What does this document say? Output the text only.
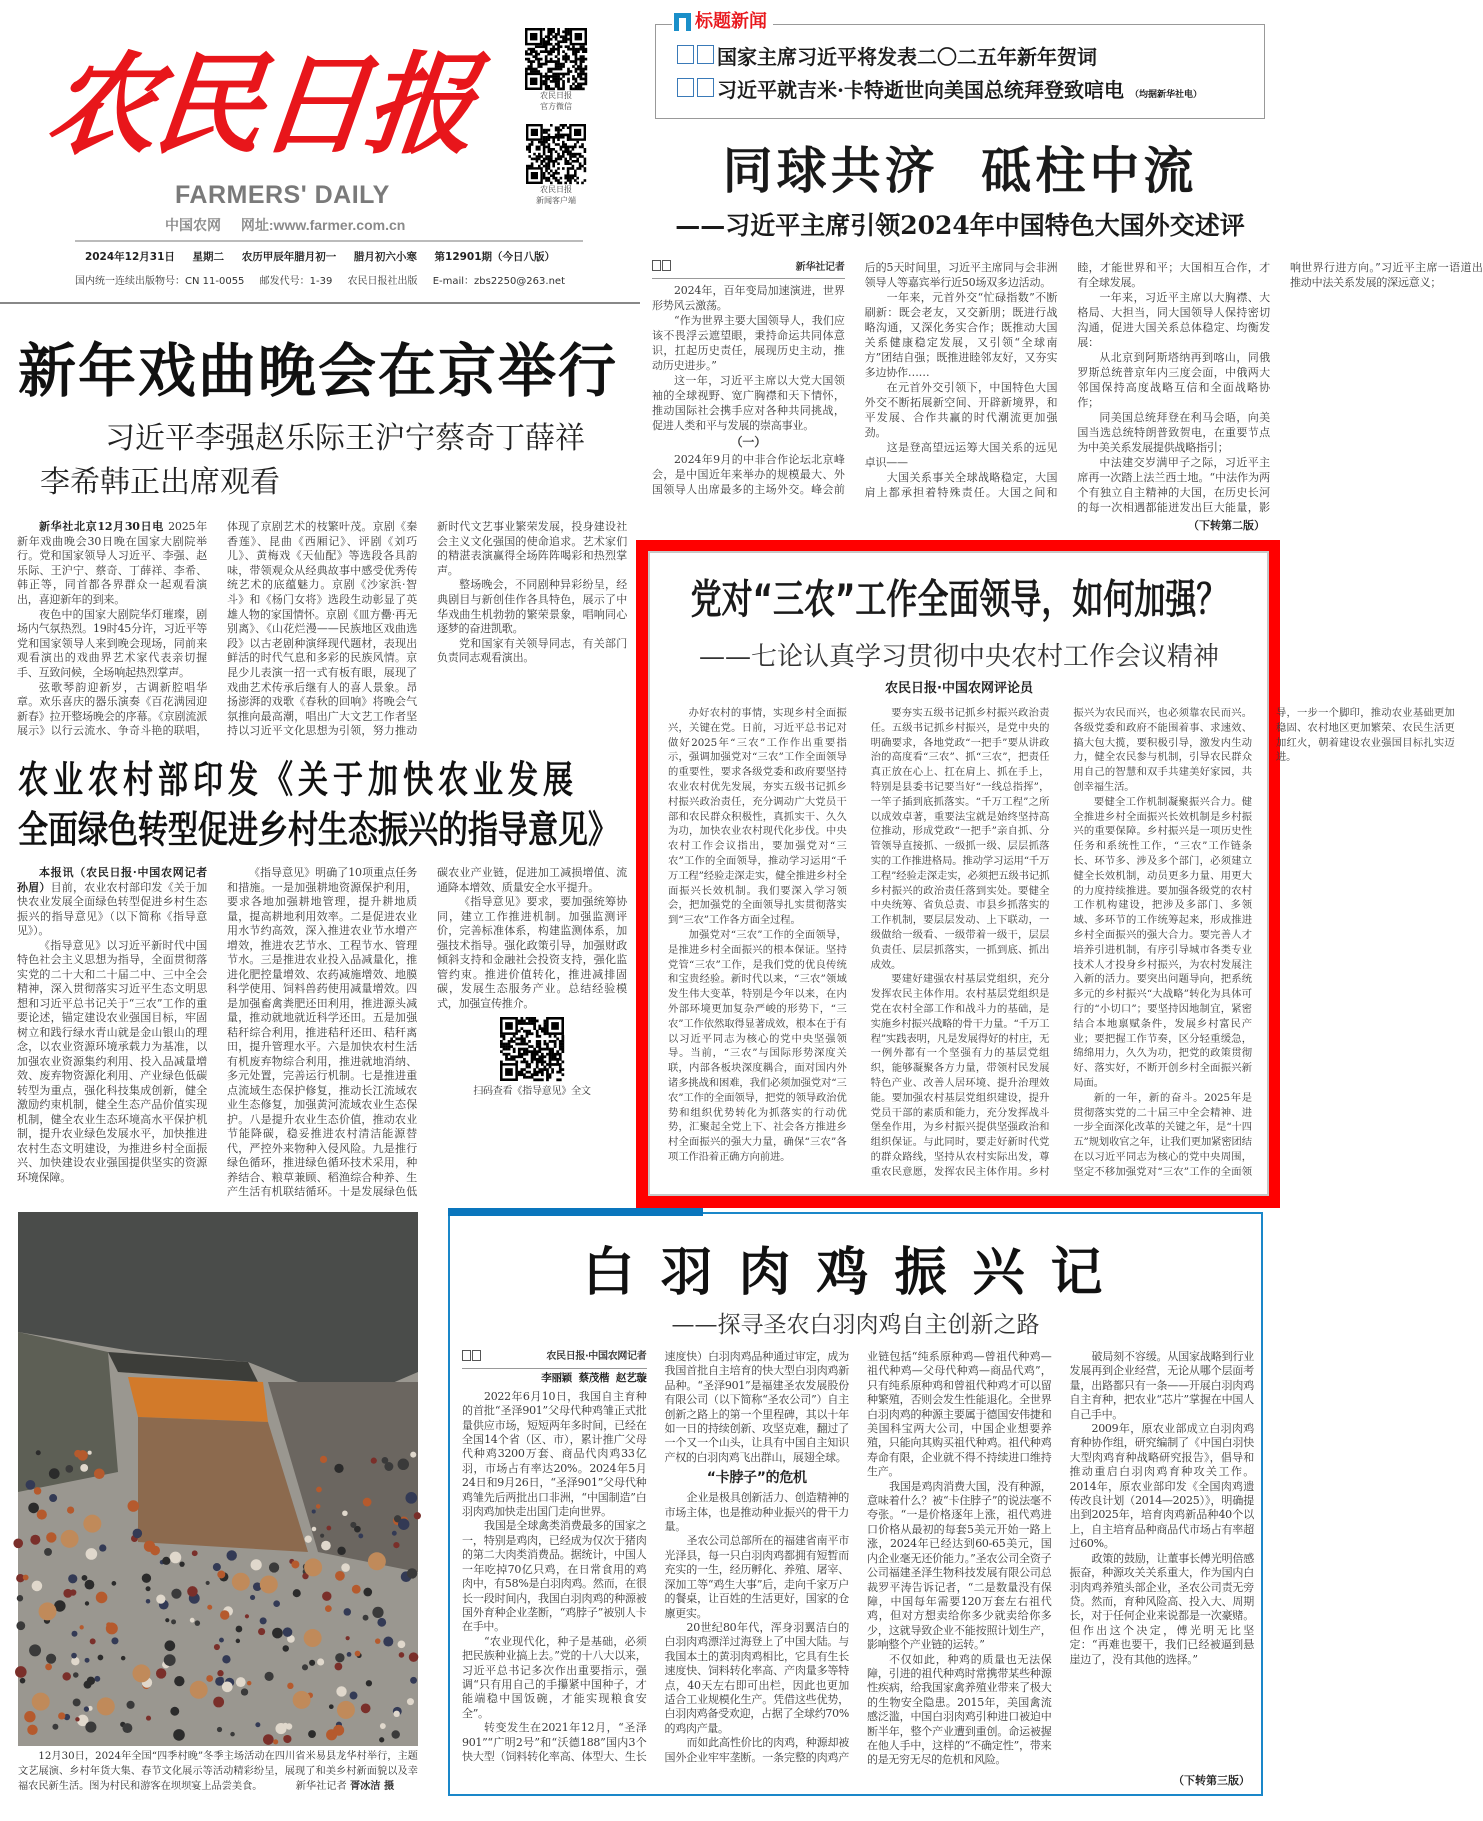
农民日报
FARMERS' DAILY
中国农网 网址:www.farmer.com.cn
农民日报
官方微信
农民日报
新闻客户端
2024年12月31日 星期二 农历甲辰年腊月初一 腊月初六小寒 第12901期（今日八版）
国内统一连续出版物号：CN 11-0055 邮发代号：1-39 农民日报社出版 E-mail：zbs2250@263.net
标题新闻
国家主席习近平将发表二〇二五年新年贺词
习近平就吉米·卡特逝世向美国总统拜登致唁电 （均据新华社电）
同球共济  砥柱中流
——习近平主席引领2024年中国特色大国外交述评
新华社记者

2024年，百年变局加速演进，世界形势风云激荡。

“作为世界主要大国领导人，我们应该不畏浮云遮望眼，秉持命运共同体意识，扛起历史责任，展现历史主动，推动历史进步。”

这一年，习近平主席以大党大国领袖的全球视野、宽广胸襟和天下情怀，推动国际社会携手应对各种共同挑战，促进人类和平与发展的崇高事业。

（一）

2024年9月的中非合作论坛北京峰会，是中国近年来举办的规模最大、外国领导人出席最多的主场外交。峰会前后的5天时间里，习近平主席同与会非洲领导人等嘉宾举行近50场双多边活动。

一年来，元首外交“忙碌指数”不断刷新：既会老友，又交新朋；既进行战略沟通，又深化务实合作；既推动大国关系健康稳定发展，又引领“全球南方”团结自强；既推进睦邻友好，又夯实多边协作……

在元首外交引领下，中国特色大国外交不断拓展新空间、开辟新境界，和平发展、合作共赢的时代潮流更加强劲。

这是登高望远运筹大国关系的远见卓识——

大国关系事关全球战略稳定，大国肩上都承担着特殊责任。大国之间和睦，才能世界和平；大国相互合作，才有全球发展。

一年来，习近平主席以大胸襟、大格局、大担当，同大国领导人保持密切沟通，促进大国关系总体稳定、均衡发展：

从北京到阿斯塔纳再到喀山，同俄罗斯总统普京年内三度会面，中俄两大邻国保持高度战略互信和全面战略协作；

同美国总统拜登在利马会晤，向美国当选总统特朗普致贺电，在重要节点为中美关系发展提供战略指引；

中法建交岁满甲子之际，习近平主席再一次踏上法兰西土地。“中法作为两个有独立自主精神的大国，在历史长河的每一次相遇都能迸发出巨大能量，影响世界行进方向。”习近平主席一语道出推动中法关系发展的深远意义；

（下转第二版）
新年戏曲晚会在京举行
习近平李强赵乐际王沪宁蔡奇丁薛祥
李希韩正出席观看

新华社北京12月30日电 2025年新年戏曲晚会30日晚在国家大剧院举行。党和国家领导人习近平、李强、赵乐际、王沪宁、蔡奇、丁薛祥、李希、韩正等，同首都各界群众一起观看演出，喜迎新年的到来。

夜色中的国家大剧院华灯璀璨，剧场内气氛热烈。19时45分许，习近平等党和国家领导人来到晚会现场，同前来观看演出的戏曲界艺术家代表亲切握手、互致问候，全场响起热烈掌声。

弦歌琴韵迎新岁，古调新腔唱华章。欢乐喜庆的器乐演奏《百花满园迎新春》拉开整场晚会的序幕。《京剧流派展示》以行云流水、争奇斗艳的联唱，体现了京剧艺术的枝繁叶茂。京剧《秦香莲》、昆曲《西厢记》、评剧《刘巧儿》、黄梅戏《天仙配》等选段各具韵味，带领观众从经典故事中感受优秀传统艺术的底蕴魅力。京剧《沙家浜·智斗》和《杨门女将》选段生动彰显了英雄人物的家国情怀。京剧《皿方罍·再无别离》、《山花烂漫——民族地区戏曲选段》以古老剧种演绎现代题材，表现出鲜活的时代气息和多彩的民族风情。京昆少儿表演一招一式有板有眼，展现了戏曲艺术传承后继有人的喜人景象。昂扬澎湃的戏歌《春秋的回响》将晚会气氛推向最高潮，唱出广大文艺工作者坚持以习近平文化思想为引领，努力推动新时代文艺事业繁荣发展，投身建设社会主义文化强国的使命追求。艺术家们的精湛表演赢得全场阵阵喝彩和热烈掌声。

整场晚会，不同剧种异彩纷呈，经典剧目与新创佳作各具特色，展示了中华戏曲生机勃勃的繁荣景象，唱响同心逐梦的奋进凯歌。

党和国家有关领导同志，有关部门负责同志观看演出。

农业农村部印发《关于加快农业发展
全面绿色转型促进乡村生态振兴的指导意见》

本报讯（农民日报·中国农网记者 孙眉）目前，农业农村部印发《关于加快农业发展全面绿色转型促进乡村生态振兴的指导意见》（以下简称《指导意见》）。

《指导意见》以习近平新时代中国特色社会主义思想为指导，全面贯彻落实党的二十大和二十届二中、三中全会精神，深入贯彻落实习近平生态文明思想和习近平总书记关于“三农”工作的重要论述，锚定建设农业强国目标，牢固树立和践行绿水青山就是金山银山的理念，以农业资源环境承载力为基准，以加强农业资源集约利用、投入品减量增效、废弃物资源化利用、产业绿色低碳转型为重点，强化科技集成创新，健全激励约束机制，健全生态产品价值实现机制，健全农业生态环境高水平保护机制，提升农业绿色发展水平，加快推进农村生态文明建设，为推进乡村全面振兴、加快建设农业强国提供坚实的资源环境保障。

《指导意见》明确了10项重点任务和措施。一是加强耕地资源保护利用，要求各地加强耕地管理，提升耕地质量，提高耕地利用效率。二是促进农业用水节约高效，深入推进农业节水增产增效，推进农艺节水、工程节水、管理节水。三是推进农业投入品减量化，推进化肥控量增效、农药减施增效、地膜科学使用、饲料兽药使用减量增效。四是加强畜禽粪肥还田利用，推进源头减量，推动就地就近科学还田。五是加强秸秆综合利用，推进秸秆还田、秸秆离田，提升管理水平。六是加快农村生活有机废弃物综合利用，推进就地消纳、多元处置，完善运行机制。七是推进重点流域生态保护修复，推动长江流域农业生态修复，加强黄河流域农业生态保护。八是提升农业生态价值，推动农业节能降碳，稳妥推进农村清洁能源替代，严控外来物种入侵风险。九是推行绿色循环，推进绿色循环技术采用，种养结合、粮草兼顾、稻渔综合种养、生产生活有机联结循环。十是发展绿色低碳农业产业链，促进加工减损增值、流通降本增效、质量安全水平提升。

《指导意见》要求，要加强统筹协同，建立工作推进机制。加强监测评价，完善标准体系，构建监测体系，加强技术指导。强化政策引导，加强财政倾斜支持和金融社会投资支持，强化监管约束。推进价值转化，推进减排固碳，发展生态服务产业。总结经验模式，加强宣传推介。

扫码查看《指导意见》全文
党对“三农”工作全面领导，如何加强？
——七论认真学习贯彻中央农村工作会议精神
农民日报·中国农网评论员

办好农村的事情，实现乡村全面振兴，关键在党。日前，习近平总书记对做好2025年“三农”工作作出重要指示，强调加强党对“三农”工作全面领导的重要性，要求各级党委和政府要坚持农业农村优先发展，夯实五级书记抓乡村振兴政治责任，充分调动广大党员干部和农民群众积极性，真抓实干、久久为功，加快农业农村现代化步伐。中央农村工作会议指出，要加强党对“三农”工作的全面领导，推动学习运用“千万工程”经验走深走实，健全推进乡村全面振兴长效机制。我们要深入学习领会，把加强党的全面领导扎实贯彻落实到“三农”工作各方面全过程。

加强党对“三农”工作的全面领导，是推进乡村全面振兴的根本保证。坚持党管“三农”工作，是我们党的优良传统和宝贵经验。新时代以来，“三农”领域发生伟大变革，特别是今年以来，在内外部环境更加复杂严峻的形势下，“三农”工作依然取得显著成效，根本在于有以习近平同志为核心的党中央坚强领导。当前，“三农”与国际形势深度关联，内部各板块深度耦合，面对国内外诸多挑战和困难，我们必须加强党对“三农”工作的全面领导，把党的领导政治优势和组织优势转化为抓落实的行动优势，汇聚起全党上下、社会各方推进乡村全面振兴的强大力量，确保“三农”各项工作沿着正确方向前进。

要夯实五级书记抓乡村振兴政治责任。五级书记抓乡村振兴，是党中央的明确要求，各地党政“一把手”要从讲政治的高度看“三农”、抓“三农”，把责任真正放在心上、扛在肩上、抓在手上，特别是县委书记要当好“一线总指挥”，一竿子插到底抓落实。“千万工程”之所以成效卓著，重要法宝就是始终坚持高位推动，形成党政“一把手”亲自抓、分管领导直接抓、一级抓一级、层层抓落实的工作推进格局。推动学习运用“千万工程”经验走深走实，必须把五级书记抓乡村振兴的政治责任落到实处。要健全中央统筹、省负总责、市县乡抓落实的工作机制，要层层发动、上下联动，一级做给一级看、一级带着一级干，层层负责任、层层抓落实，一抓到底、抓出成效。

要建好建强农村基层党组织，充分发挥农民主体作用。农村基层党组织是党在农村全部工作和战斗力的基础，是实施乡村振兴战略的骨干力量。“千万工程”实践表明，凡是发展得好的村庄，无一例外都有一个坚强有力的基层党组织，能够凝聚各方力量，带领村民发展特色产业、改善人居环境、提升治理效能。要加强农村基层党组织建设，提升党员干部的素质和能力，充分发挥战斗堡垒作用，为乡村振兴提供坚强政治和组织保证。与此同时，要走好新时代党的群众路线，坚持从农村实际出发，尊重农民意愿，发挥农民主体作用。乡村振兴为农民而兴，也必须靠农民而兴。各级党委和政府不能围着事、求速效、搞大包大揽，要积极引导，激发内生动力，健全农民参与机制，引导农民群众用自己的智慧和双手共建美好家园，共创幸福生活。

要健全工作机制凝聚振兴合力。健全推进乡村全面振兴长效机制是乡村振兴的重要保障。乡村振兴是一项历史性任务和系统性工作，“三农”工作链条长、环节多、涉及多个部门，必须建立健全长效机制，动员更多力量、用更大的力度持续推进。要加强各级党的农村工作机构建设，把涉及多部门、多领域、多环节的工作统筹起来，形成推进乡村全面振兴的强大合力。要完善人才培养引进机制，有序引导城市各类专业技术人才投身乡村振兴，为农村发展注入新的活力。要突出问题导向，把系统多元的乡村振兴“大战略”转化为具体可行的“小切口”；要坚持因地制宜，紧密结合本地禀赋条件，发展乡村富民产业；要把握工作节奏，区分轻重缓急，绵绵用力，久久为功，把党的政策贯彻好、落实好，不断开创乡村全面振兴新局面。

新的一年，新的奋斗。2025年是贯彻落实党的二十届三中全会精神、进一步全面深化改革的关键之年，是“十四五”规划收官之年，让我们更加紧密团结在以习近平同志为核心的党中央周围，坚定不移加强党对“三农”工作的全面领导，一步一个脚印，推动农业基础更加稳固、农村地区更加繁荣、农民生活更加红火，朝着建设农业强国目标扎实迈进。

12月30日，2024年全国“四季村晚”冬季主场活动在四川省米易县龙华村举行，主题文艺展演、乡村年货大集、春节文化展示等活动精彩纷呈，展现了和美乡村新面貌以及幸福农民新生活。图为村民和游客在坝坝宴上品尝美食。	新华社记者 胥冰洁 摄
白羽肉鸡振兴记
——探寻圣农白羽肉鸡自主创新之路
农民日报·中国农网记者
李丽颖  蔡茂楷  赵艺璇

2022年6月10日，我国自主育种的首批“圣泽901”父母代种鸡雏正式批量供应市场，短短两年多时间，已经在全国14个省（区、市），累计推广父母代种鸡3200万套、商品代肉鸡33亿羽，市场占有率达20%。2024年5月24日和9月26日，“圣泽901”父母代种鸡雏先后两批出口非洲，“中国制造”白羽肉鸡加快走出国门走向世界。

我国是全球禽类消费最多的国家之一，特别是鸡肉，已经成为仅次于猪肉的第二大肉类消费品。据统计，中国人一年吃掉70亿只鸡，在日常食用的鸡肉中，有58%是白羽肉鸡。然而，在很长一段时间内，我国白羽肉鸡的种源被国外育种企业垄断，“鸡脖子”被别人卡在手中。

“农业现代化，种子是基础，必须把民族种业搞上去。”党的十八大以来，习近平总书记多次作出重要指示，强调“只有用自己的手攥紧中国种子，才能端稳中国饭碗，才能实现粮食安全”。

转变发生在2021年12月，“圣泽901”“广明2号”和“沃德188”国内3个快大型（饲料转化率高、体型大、生长速度快）白羽肉鸡品种通过审定，成为我国首批自主培育的快大型白羽肉鸡新品种。“圣泽901”是福建圣农发展股份有限公司（以下简称“圣农公司”）自主创新之路上的第一个里程碑，其以十年如一日的持续创新、攻坚克难，翻过了一个又一个山头，让具有中国自主知识产权的白羽肉鸡飞出群山，展翅全球。

“卡脖子”的危机

企业是极具创新活力、创造精神的市场主体，也是推动种业振兴的骨干力量。

圣农公司总部所在的福建省南平市光泽县，每一只白羽肉鸡都拥有短暂而充实的一生，经历孵化、养殖、屠宰、深加工等“鸡生大事”后，走向千家万户的餐桌，让百姓的生活更好，国家的仓廪更实。

20世纪80年代，浑身羽翼洁白的白羽肉鸡漂洋过海登上了中国大陆。与我国本土的黄羽肉鸡相比，它具有生长速度快、饲料转化率高、产肉量多等特点，40天左右即可出栏，因此也更加适合工业规模化生产。凭借这些优势，白羽肉鸡备受欢迎，占据了全球约70%的鸡肉产量。

而如此高性价比的肉鸡，种源却被国外企业牢牢垄断。一条完整的肉鸡产业链包括“纯系原种鸡—曾祖代种鸡—祖代种鸡—父母代种鸡—商品代鸡”，只有纯系原种鸡和曾祖代种鸡才可以留种繁殖，否则会发生性能退化。全世界白羽肉鸡的种源主要属于德国安伟捷和美国科宝两大公司，中国企业想要养殖，只能向其购买祖代种鸡。祖代种鸡寿命有限，企业就不得不持续进口维持生产。

我国是鸡肉消费大国，没有种源，意味着什么？被“卡住脖子”的说法毫不夸张。“一是价格逐年上涨，祖代鸡进口价格从最初的每套5美元开始一路上涨，2024年已经达到60-65美元，国内企业毫无还价能力。”圣农公司全资子公司福建圣泽生物科技发展有限公司总裁罗平涛告诉记者，“二是数量没有保障，中国每年需要120万套左右祖代鸡，但对方想卖给你多少就卖给你多少，这就导致企业不能按照计划生产，影响整个产业链的运转。”

不仅如此，种鸡的质量也无法保障，引进的祖代种鸡时常携带某些种源性疾病，给我国家禽养殖业带来了极大的生物安全隐患。2015年，美国禽流感泛滥，中国白羽肉鸡引种进口被迫中断半年，整个产业遭到重创。命运被握在他人手中，这样的“不确定性”，带来的是无穷无尽的危机和风险。

破局刻不容缓。从国家战略到行业发展再到企业经营，无论从哪个层面考量，出路都只有一条——开展白羽肉鸡自主育种，把农业“芯片”掌握在中国人自己手中。

2009年，原农业部成立白羽肉鸡育种协作组，研究编制了《中国白羽快大型肉鸡育种战略研究报告》，倡导和推动重启白羽肉鸡育种攻关工作。2014年，原农业部印发《全国肉鸡遗传改良计划（2014—2025）》，明确提出到2025年，培育肉鸡新品种40个以上，自主培育品种商品代市场占有率超过60%。

政策的鼓励，让董事长傅光明倍感振奋，种源攻关关系重大，作为国内白羽肉鸡养殖头部企业，圣农公司责无旁贷。然而，育种风险高、投入大、周期长，对于任何企业来说都是一次豪赌。但作出这个决定，傅光明无比坚定：“再难也要干，我们已经被逼到悬崖边了，没有其他的选择。”

（下转第三版）
